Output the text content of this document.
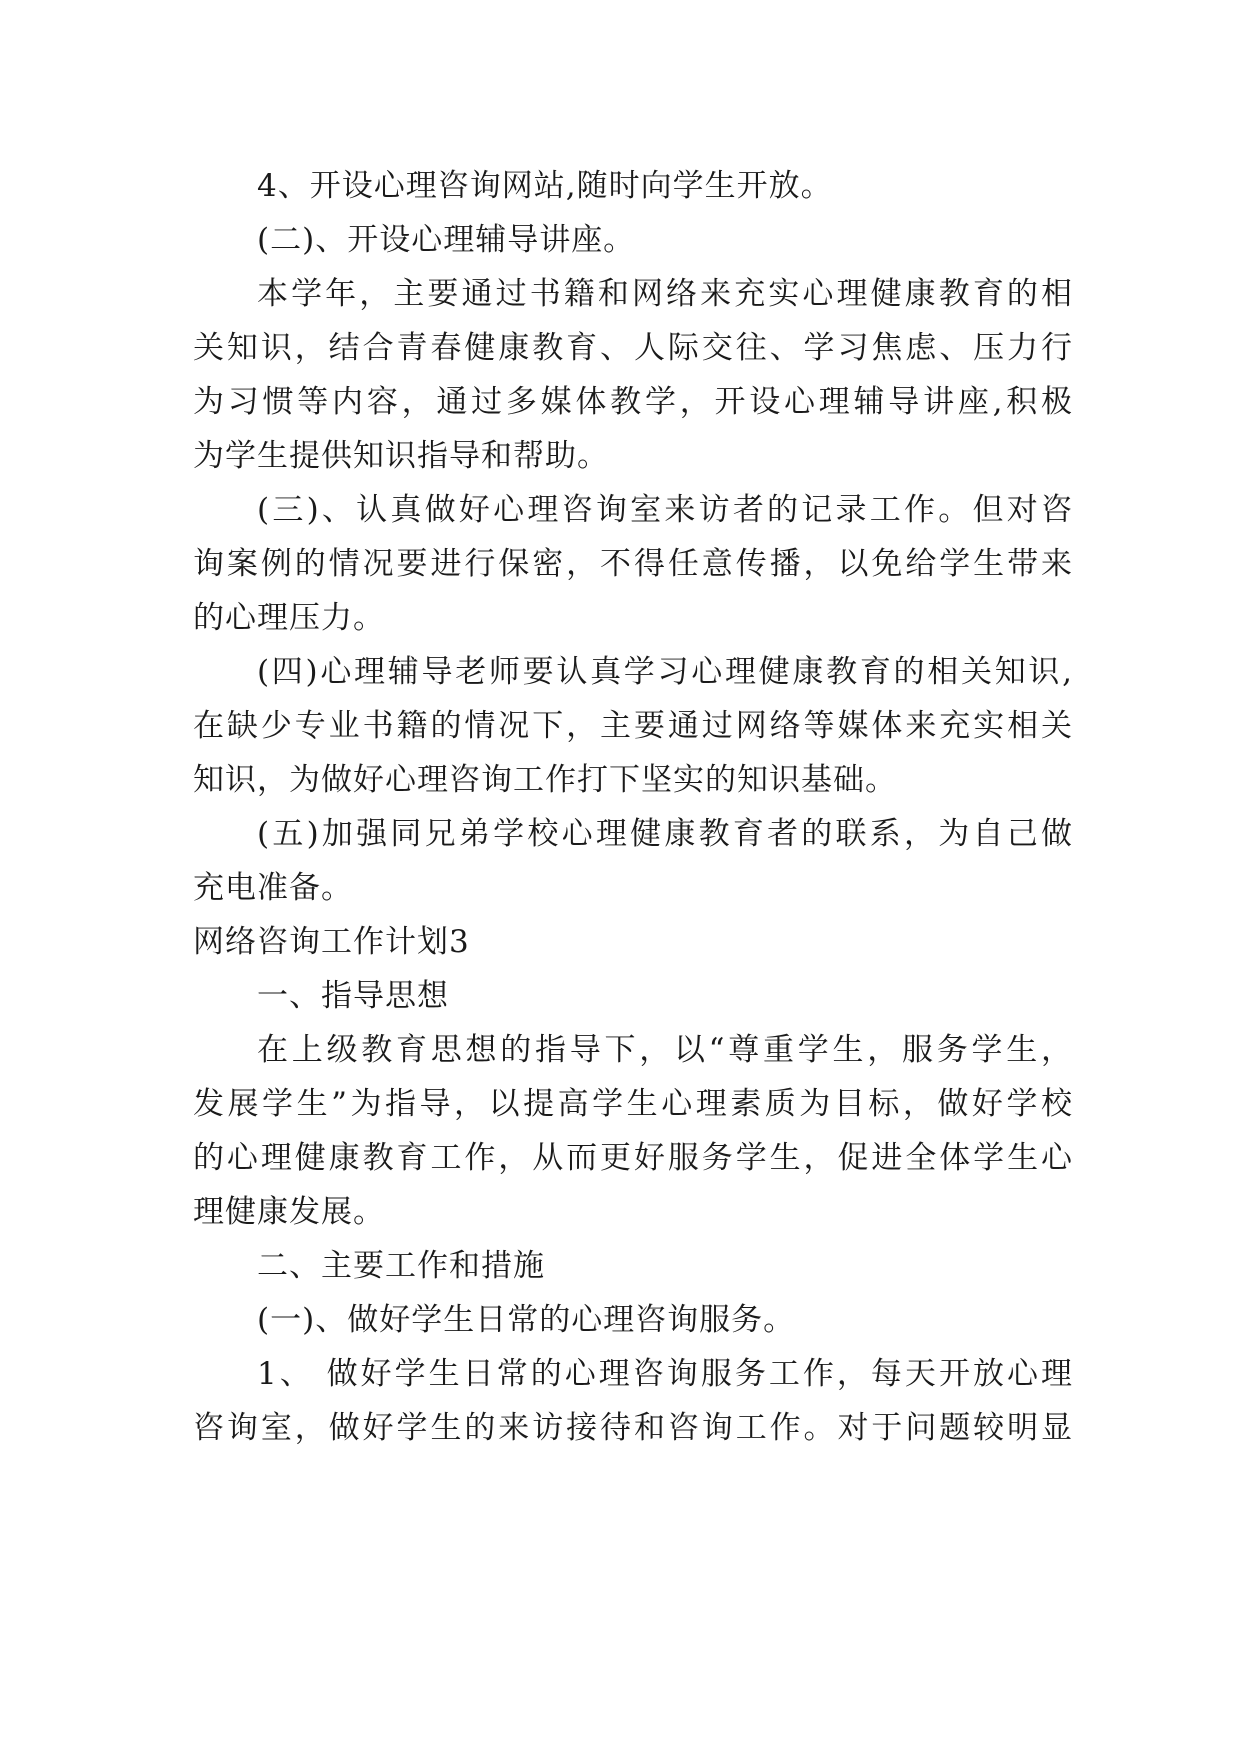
4、开设心理咨询网站,随时向学生开放。
(二)、开设心理辅导讲座。
本学年，主要通过书籍和网络来充实心理健康教育的相
关知识，结合青春健康教育、人际交往、学习焦虑、压力行
为习惯等内容，通过多媒体教学，开设心理辅导讲座,积极
为学生提供知识指导和帮助。
(三)、认真做好心理咨询室来访者的记录工作。但对咨
询案例的情况要进行保密，不得任意传播，以免给学生带来
的心理压力。
(四)心理辅导老师要认真学习心理健康教育的相关知识,
在缺少专业书籍的情况下，主要通过网络等媒体来充实相关
知识，为做好心理咨询工作打下坚实的知识基础。
(五)加强同兄弟学校心理健康教育者的联系，为自己做
充电准备。
网络咨询工作计划3
一、指导思想
在上级教育思想的指导下，以“尊重学生，服务学生，
发展学生”为指导，以提高学生心理素质为目标，做好学校
的心理健康教育工作，从而更好服务学生，促进全体学生心
理健康发展。
二、主要工作和措施
(一)、做好学生日常的心理咨询服务。
1、 做好学生日常的心理咨询服务工作，每天开放心理
咨询室，做好学生的来访接待和咨询工作。对于问题较明显
